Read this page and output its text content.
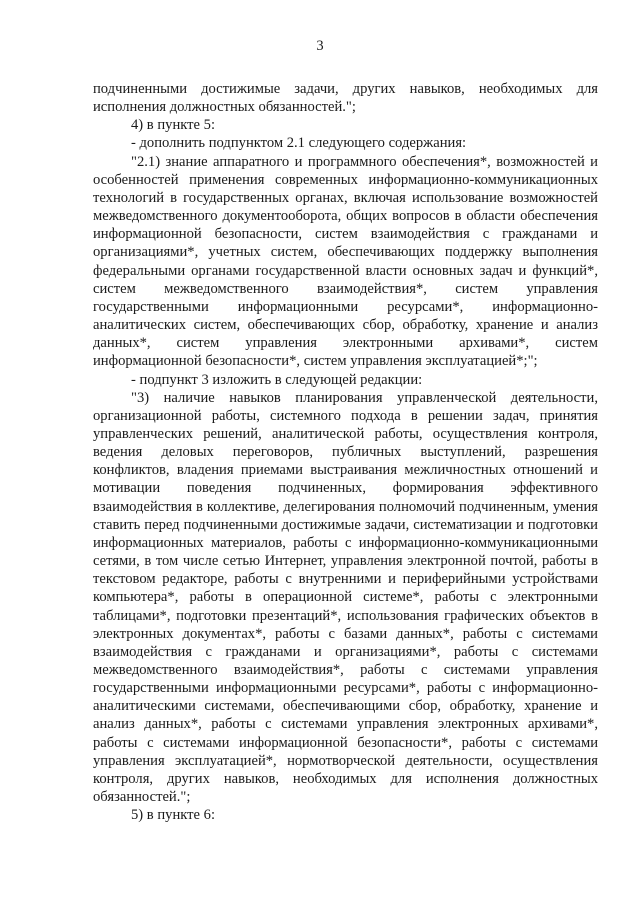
3

подчиненными достижимые задачи, других навыков, необходимых для исполнения должностных обязанностей.";

4) в пункте 5:

- дополнить подпунктом 2.1 следующего содержания:

"2.1) знание аппаратного и программного обеспечения*, возможностей и особенностей применения современных информационно-коммуникационных технологий в государственных органах, включая использование возможностей межведомственного документооборота, общих вопросов в области обеспечения информационной безопасности, систем взаимодействия с гражданами и организациями*, учетных систем, обеспечивающих поддержку выполнения федеральными органами государственной власти основных задач и функций*, систем межведомственного взаимодействия*, систем управления государственными информационными ресурсами*, информационно-аналитических систем, обеспечивающих сбор, обработку, хранение и анализ данных*, систем управления электронными архивами*, систем информационной безопасности*, систем управления эксплуатацией*;";

- подпункт 3 изложить в следующей редакции:

"3) наличие навыков планирования управленческой деятельности, организационной работы, системного подхода в решении задач, принятия управленческих решений, аналитической работы, осуществления контроля, ведения деловых переговоров, публичных выступлений, разрешения конфликтов, владения приемами выстраивания межличностных отношений и мотивации поведения подчиненных, формирования эффективного взаимодействия в коллективе, делегирования полномочий подчиненным, умения ставить перед подчиненными достижимые задачи, систематизации и подготовки информационных материалов, работы с информационно-коммуникационными сетями, в том числе сетью Интернет, управления электронной почтой, работы в текстовом редакторе, работы с внутренними и периферийными устройствами компьютера*, работы в операционной системе*, работы с электронными таблицами*, подготовки презентаций*, использования графических объектов в электронных документах*, работы с базами данных*, работы с системами взаимодействия с гражданами и организациями*, работы с системами межведомственного взаимодействия*, работы с системами управления государственными информационными ресурсами*, работы с информационно-аналитическими системами, обеспечивающими сбор, обработку, хранение и анализ данных*, работы с системами управления электронных архивами*, работы с системами информационной безопасности*, работы с системами управления эксплуатацией*, нормотворческой деятельности, осуществления контроля, других навыков, необходимых для исполнения должностных обязанностей.";

5) в пункте 6:
